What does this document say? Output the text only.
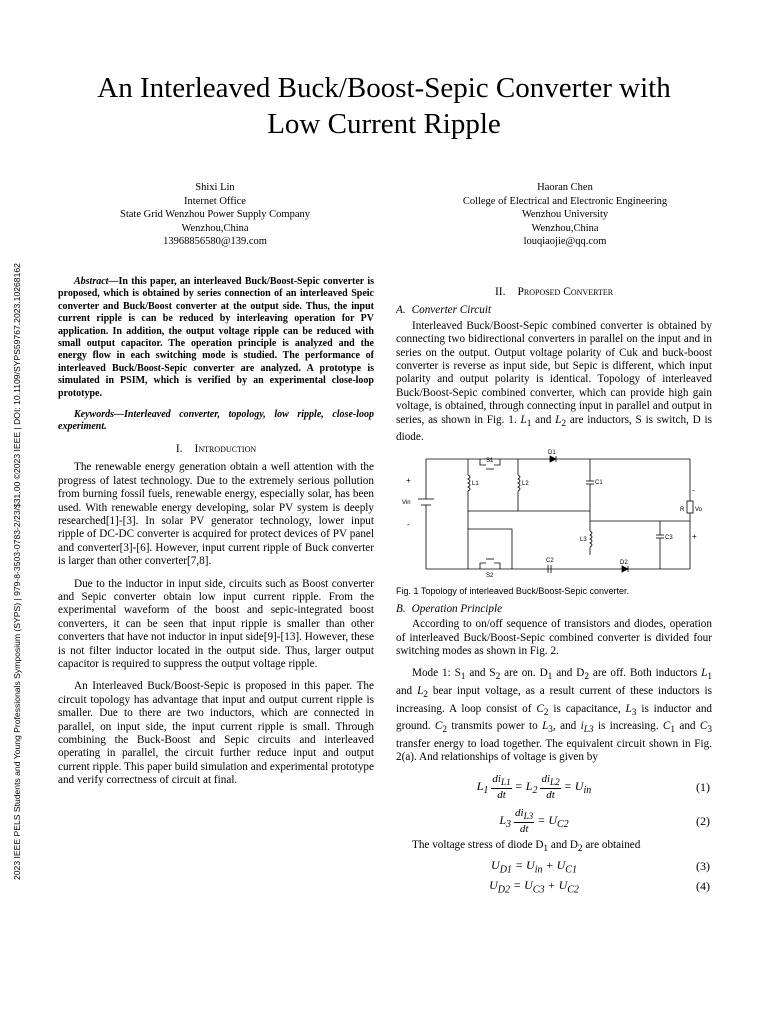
2023 IEEE PELS Students and Young Professionals Symposium (SYPS) | 979-8-3503-0783-2/23/$31.00 ©2023 IEEE | DOI: 10.1109/SYPS59767.2023.10268162
An Interleaved Buck/Boost-Sepic Converter with
Low Current Ripple
Shixi Lin
Internet Office
State Grid Wenzhou Power Supply Company
Wenzhou,China
13968856580@139.com
Haoran Chen
College of Electrical and Electronic Engineering
Wenzhou University
Wenzhou,China
louqiaojie@qq.com

Abstract—In this paper, an interleaved Buck/Boost-Sepic converter is proposed, which is obtained by series connection of an interleaved Speic converter and Buck/Boost converter at the output side. Thus, the input current ripple is can be reduced by interleaving operation for PV application. In addition, the output voltage ripple can be reduced with small output capacitor. The operation principle is analyzed and the energy flow in each switching mode is studied. The performance of interleaved Buck/Boost-Sepic converter are analyzed. A prototype is simulated in PSIM, which is verified by an experimental close-loop prototype.

Keywords—Interleaved converter, topology, low ripple, close-loop experiment.

I. Introduction

The renewable energy generation obtain a well attention with the progress of latest technology. Due to the extremely serious pollution from burning fossil fuels, renewable energy, especially solar, has been used. With renewable energy developing, solar PV system is deeply researched[1]-[3]. In solar PV generator technology, lower input ripple of DC-DC converter is acquired for protect devices of PV panel and converter[3]-[6]. However, input current ripple of Buck converter is larger than other converter[7,8].

Due to the inductor in input side, circuits such as Boost converter and Sepic converter obtain low input current ripple. From the experimental waveform of the boost and sepic-integrated boost converters, it can be seen that input ripple is smaller than other converters that have not inductor in input side[9]-[13]. However, these is not filter inductor located in the output side. Thus, larger output capacitor is required to suppress the output voltage ripple.

An Interleaved Buck/Boost-Sepic is proposed in this paper. The circuit topology has advantage that input and output current ripple is smaller. Due to there are two inductors, which are connected in parallel, on input side, the input current ripple is small. Through combining the Buck-Boost and Sepic circuits and interleaved operating in parallel, the circuit further reduce input and output current ripple. This paper build simulation and experimental prototype and verify correctness of circuit at final.

II. Proposed Converter
A. Converter Circuit

Interleaved Buck/Boost-Sepic combined converter is obtained by connecting two bidirectional converters in parallel on the input and in series on the output. Output voltage polarity of Cuk and buck-boost converter is reverse as input side, but Sepic is different, which input polarity and output polarity is identical. Topology of interleaved Buck/Boost-Sepic combined converter, which can provide high gain voltage, is obtained, through connecting input in parallel and output in series, as shown in Fig. 1. $L_1$ and $L_2$ are inductors, S is switch, D is diode.

+
-
Vin
S1
S2
D1
D2
L1	L2
L3
C1
C2
C3
R Vo
+
-
Fig. 1 Topology of interleaved Buck/Boost-Sepic converter.
B. Operation Principle

According to on/off sequence of transistors and diodes, operation of interleaved Buck/Boost-Sepic combined converter is divided four switching modes as shown in Fig. 2.

Mode 1: $S_1$ and $S_2$ are on. $D_1$ and $D_2$ are off. Both inductors $L_1$ and $L_2$ bear input voltage, as a result current of these inductors is increasing. A loop consist of $C_2$ is capacitance, $L_3$ is inductor and ground. $C_2$ transmits power to $L_3$, and $i_{L3}$ is increasing. $C_1$ and $C_3$ transfer energy to load together. The equivalent circuit shown in Fig. 2(a). And relationships of voltage is given by

$L_1 \frac{di_{L1}}{dt} = L_2 \frac{di_{L2}}{dt} = U_{in}$	(1)
$L_3 \frac{di_{L3}}{dt} = U_{C2}$	(2)

The voltage stress of diode $D_1$ and $D_2$ are obtained

$U_{D1} = U_{in} + U_{C1}$	(3)
$U_{D2} = U_{C3} + U_{C2}$	(4)
